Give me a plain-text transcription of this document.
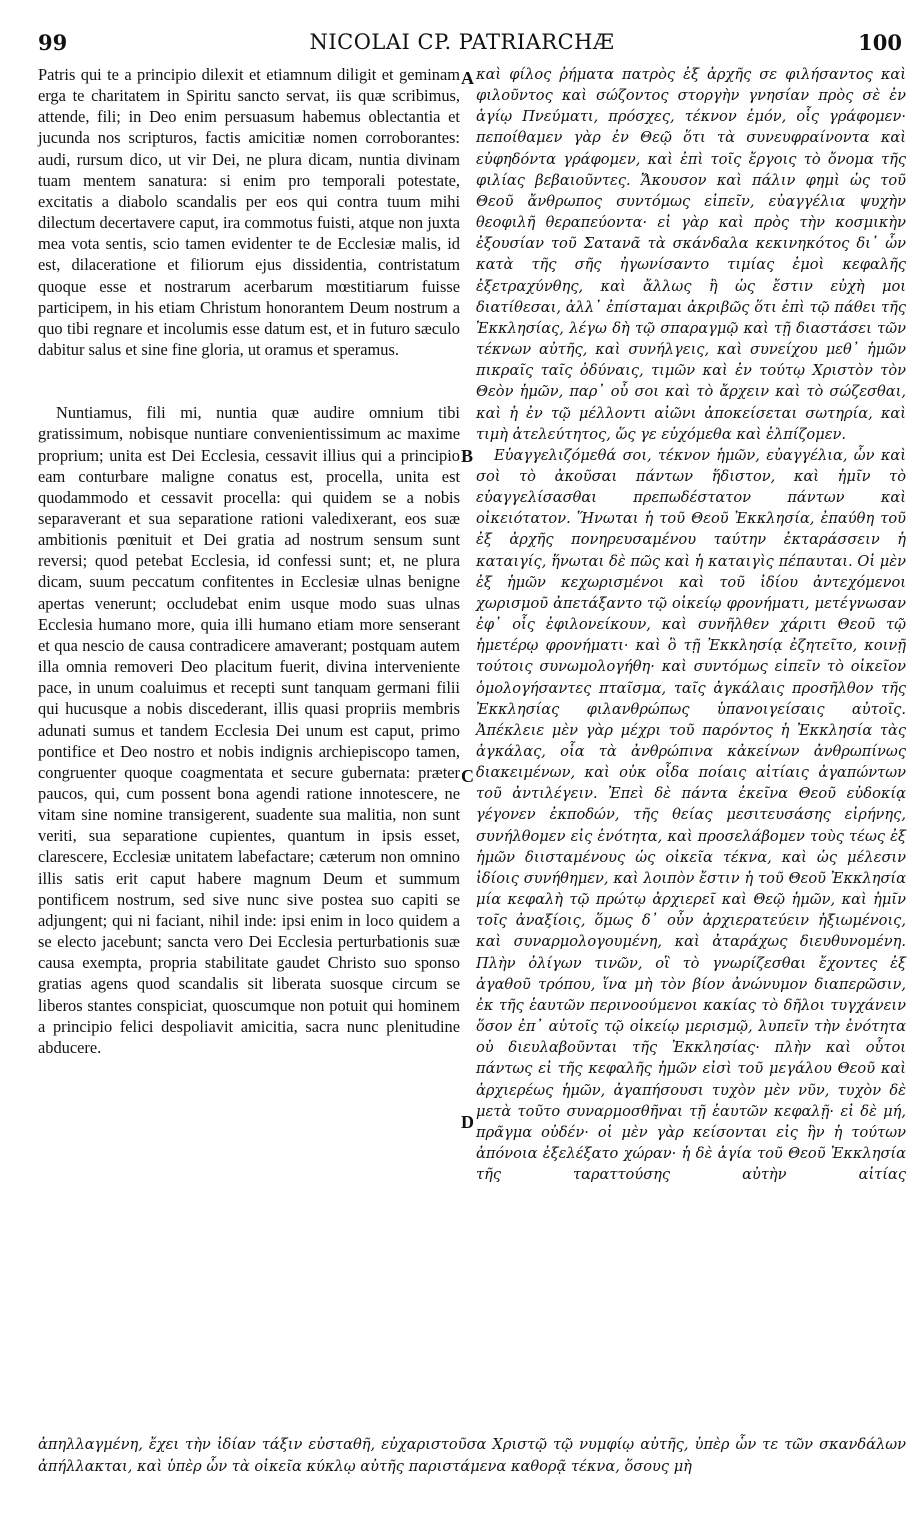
99	NICOLAI CP. PATRIARCHÆ	100

Patris qui te a principio dilexit et etiamnum diligit et geminam erga te charitatem in Spiritu sancto servat, iis quæ scribimus, attende, fili; in Deo enim persuasum habemus oblectantia et jucunda nos scripturos, factis amicitiæ nomen corroborantes: audi, rursum dico, ut vir Dei, ne plura dicam, nuntia divinam tuam mentem sanatura: si enim pro temporali potestate, excitatis a diabolo scandalis per eos qui contra tuum mihi dilectum decertavere caput, ira commotus fuisti, atque non juxta mea vota sentis, scio tamen evidenter te de Ecclesiæ malis, id est, dilaceratione et filiorum ejus dissidentia, contristatum quoque esse et nostrarum acerbarum mœstitiarum fuisse participem, in his etiam Christum honorantem Deum nostrum a quo tibi regnare et incolumis esse datum est, et in futuro sæculo dabitur salus et sine fine gloria, ut oramus et speramus.

Nuntiamus, fili mi, nuntia quæ audire omnium tibi gratissimum, nobisque nuntiare convenientissimum ac maxime proprium; unita est Dei Ecclesia, cessavit illius qui a principio eam conturbare maligne conatus est, procella, unita est quodammodo et cessavit procella: qui quidem se a nobis separaverant et sua separatione rationi valedixerant, eos suæ ambitionis pœnituit et Dei gratia ad nostrum sensum sunt reversi; quod petebat Ecclesia, id confessi sunt; et, ne plura dicam, suum peccatum confitentes in Ecclesiæ ulnas benigne apertas venerunt; occludebat enim usque modo suas ulnas Ecclesia humano more, quia illi humano etiam more senserant et qua nescio de causa contradicere amaverant; postquam autem illa omnia removeri Deo placitum fuerit, divina interveniente pace, in unum coaluimus et recepti sunt tanquam germani filii qui hucusque a nobis discederant, illis quasi propriis membris adunati sumus et tandem Ecclesia Dei unum est caput, primo pontifice et Deo nostro et nobis indignis archiepiscopo tamen, congruenter quoque coagmentata et secure gubernata: præter paucos, qui, cum possent bona agendi ratione innotescere, ne vitam sine nomine transigerent, suadente sua malitia, non sunt veriti, sua separatione cupientes, quantum in ipsis esset, clarescere, Ecclesiæ unitatem labefactare; cæterum non omnino illis satis erit caput habere magnum Deum et summum pontificem nostrum, sed sive nunc sive postea suo capiti se adjungent; qui ni faciant, nihil inde: ipsi enim in loco quidem a se electo jacebunt; sancta vero Dei Ecclesia perturbationis suæ causa exempta, propria stabilitate gaudet Christo suo sponso gratias agens quod scandalis sit liberata suosque circum se liberos stantes conspiciat, quoscumque non potuit qui hominem a principio felici despoliavit amicitia, sacra nunc plenitudine abducere.

καὶ φίλος ῥήματα πατρὸς ἐξ ἀρχῆς σε φιλήσαντος καὶ φιλοῦντος καὶ σώζοντος στοργὴν γνησίαν πρὸς σὲ ἐν ἁγίῳ Πνεύματι, πρόσχες, τέκνον ἐμόν, οἷς γράφομεν· πεποίθαμεν γὰρ ἐν Θεῷ ὅτι τὰ συνευφραίνοντα καὶ εὐφηδόντα γράφομεν, καὶ ἐπὶ τοῖς ἔργοις τὸ ὄνομα τῆς φιλίας βεβαιοῦντες. Ἄκουσον καὶ πάλιν φημὶ ὡς τοῦ Θεοῦ ἄνθρωπος συντόμως εἰπεῖν, εὐαγγέλια ψυχὴν θεοφιλῆ θεραπεύοντα· εἰ γὰρ καὶ πρὸς τὴν κοσμικὴν ἐξουσίαν τοῦ Σατανᾶ τὰ σκάνδαλα κεκινηκότος δι᾽ ὧν κατὰ τῆς σῆς ἠγωνίσαντο τιμίας ἐμοὶ κεφαλῆς ἐξετραχύνθης, καὶ ἄλλως ἢ ὡς ἔστιν εὐχὴ μοι διατίθεσαι, ἀλλ᾽ ἐπίσταμαι ἀκριβῶς ὅτι ἐπὶ τῷ πάθει τῆς Ἐκκλησίας, λέγω δὴ τῷ σπαραγμῷ καὶ τῇ διαστάσει τῶν τέκνων αὐτῆς, καὶ συνήλγεις, καὶ συνείχου μεθ᾽ ἡμῶν πικραῖς ταῖς ὀδύναις, τιμῶν καὶ ἐν τούτῳ Χριστὸν τὸν Θεὸν ἡμῶν, παρ᾽ οὗ σοι καὶ τὸ ἄρχειν καὶ τὸ σώζεσθαι, καὶ ἡ ἐν τῷ μέλλοντι αἰῶνι ἀποκείσεται σωτηρία, καὶ τιμὴ ἀτελεύτητος, ὥς γε εὐχόμεθα καὶ ἐλπίζομεν.

Εὐαγγελιζόμεθά σοι, τέκνον ἡμῶν, εὐαγγέλια, ὧν καὶ σοὶ τὸ ἀκοῦσαι πάντων ἥδιστον, καὶ ἡμῖν τὸ εὐαγγελίσασθαι πρεπωδέστατον πάντων καὶ οἰκειότατον. Ἥνωται ἡ τοῦ Θεοῦ Ἐκκλησία, ἐπαύθη τοῦ ἐξ ἀρχῆς πονηρευσαμένου ταύτην ἐκταράσσειν ἡ καταιγίς, ἥνωται δὲ πῶς καὶ ἡ καταιγὶς πέπαυται. Οἱ μὲν ἐξ ἡμῶν κεχωρισμένοι καὶ τοῦ ἰδίου ἀντεχόμενοι χωρισμοῦ ἀπετάξαντο τῷ οἰκείῳ φρονήματι, μετέγνωσαν ἐφ᾽ οἷς ἐφιλονείκουν, καὶ συνῆλθεν χάριτι Θεοῦ τῷ ἡμετέρῳ φρονήματι· καὶ ὃ τῇ Ἐκκλησίᾳ ἐζητεῖτο, κοινῇ τούτοις συνωμολογήθη· καὶ συντόμως εἰπεῖν τὸ οἰκεῖον ὁμολογήσαντες πταῖσμα, ταῖς ἀγκάλαις προσῆλθον τῆς Ἐκκλησίας φιλανθρώπως ὑπανοιγείσαις αὐτοῖς. Ἀπέκλειε μὲν γὰρ μέχρι τοῦ παρόντος ἡ Ἐκκλησία τὰς ἀγκάλας, οἷα τὰ ἀνθρώπινα κἀκείνων ἀνθρωπίνως διακειμένων, καὶ οὐκ οἶδα ποίαις αἰτίαις ἀγαπώντων τοῦ ἀντιλέγειν. Ἐπεὶ δὲ πάντα ἐκεῖνα Θεοῦ εὐδοκίᾳ γέγονεν ἐκποδών, τῆς θείας μεσιτευσάσης εἰρήνης, συνήλθομεν εἰς ἑνότητα, καὶ προσελάβομεν τοὺς τέως ἐξ ἡμῶν διισταμένους ὡς οἰκεῖα τέκνα, καὶ ὡς μέλεσιν ἰδίοις συνήθημεν, καὶ λοιπὸν ἔστιν ἡ τοῦ Θεοῦ Ἐκκλησία μία κεφαλὴ τῷ πρώτῳ ἀρχιερεῖ καὶ Θεῷ ἡμῶν, καὶ ἡμῖν τοῖς ἀναξίοις, ὅμως δ᾽ οὖν ἀρχιερατεύειν ἠξιωμένοις, καὶ συναρμολογουμένη, καὶ ἀταράχως διευθυνομένη. Πλὴν ὀλίγων τινῶν, οἳ τὸ γνωρίζεσθαι ἔχοντες ἐξ ἀγαθοῦ τρόπου, ἵνα μὴ τὸν βίον ἀνώνυμον διαπερῶσιν, ἐκ τῆς ἑαυτῶν περινοούμενοι κακίας τὸ δῆλοι τυγχάνειν ὅσον ἐπ᾽ αὐτοῖς τῷ οἰκείῳ μερισμῷ, λυπεῖν τὴν ἑνότητα οὐ διευλαβοῦνται τῆς Ἐκκλησίας· πλὴν καὶ οὗτοι πάντως εἰ τῆς κεφαλῆς ἡμῶν εἰσὶ τοῦ μεγάλου Θεοῦ καὶ ἀρχιερέως ἡμῶν, ἀγαπήσουσι τυχὸν μὲν νῦν, τυχὸν δὲ μετὰ τοῦτο συναρμοσθῆναι τῇ ἑαυτῶν κεφαλῇ· εἰ δὲ μή, πρᾶγμα οὐδέν· οἱ μὲν γὰρ κείσονται εἰς ἣν ἡ τούτων ἀπόνοια ἐξελέξατο χώραν· ἡ δὲ ἁγία τοῦ Θεοῦ Ἐκκλησία τῆς ταραττούσης αὐτὴν αἰτίας

A
B
C
D

ἀπηλλαγμένη, ἔχει τὴν ἰδίαν τάξιν εὐσταθῆ, εὐχαριστοῦσα Χριστῷ τῷ νυμφίῳ αὐτῆς, ὑπὲρ ὧν τε τῶν σκανδάλων ἀπήλλακται, καὶ ὑπὲρ ὧν τὰ οἰκεῖα κύκλῳ αὐτῆς παριστάμενα καθορᾷ τέκνα, ὅσους μὴ
